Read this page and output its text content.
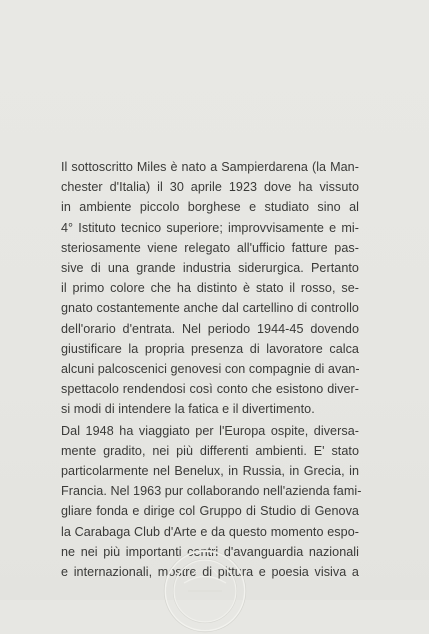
Il sottoscritto Miles è nato a Sampierdarena (la Man-
chester d'Italia) il 30 aprile 1923 dove ha vissuto
in ambiente piccolo borghese e studiato sino al
4° Istituto tecnico superiore; improvvisamente e mi-
steriosamente viene relegato all'ufficio fatture pas-
sive di una grande industria siderurgica. Pertanto
il primo colore che ha distinto è stato il rosso, se-
gnato costantemente anche dal cartellino di controllo
dell'orario d'entrata. Nel periodo 1944-45 dovendo
giustificare la propria presenza di lavoratore calca
alcuni palcoscenici genovesi con compagnie di avan-
spettacolo rendendosi così conto che esistono diver-
si modi di intendere la fatica e il divertimento.

Dal 1948 ha viaggiato per l'Europa ospite, diversa-
mente gradito, nei più differenti ambienti. E' stato
particolarmente nel Benelux, in Russia, in Grecia, in
Francia. Nel 1963 pur collaborando nell'azienda fami-
gliare fonda e dirige col Gruppo di Studio di Genova
la Carabaga Club d'Arte e da questo momento espo-
ne nei più importanti centri d'avanguardia nazionali
e internazionali, mostre di pittura e poesia visiva a
